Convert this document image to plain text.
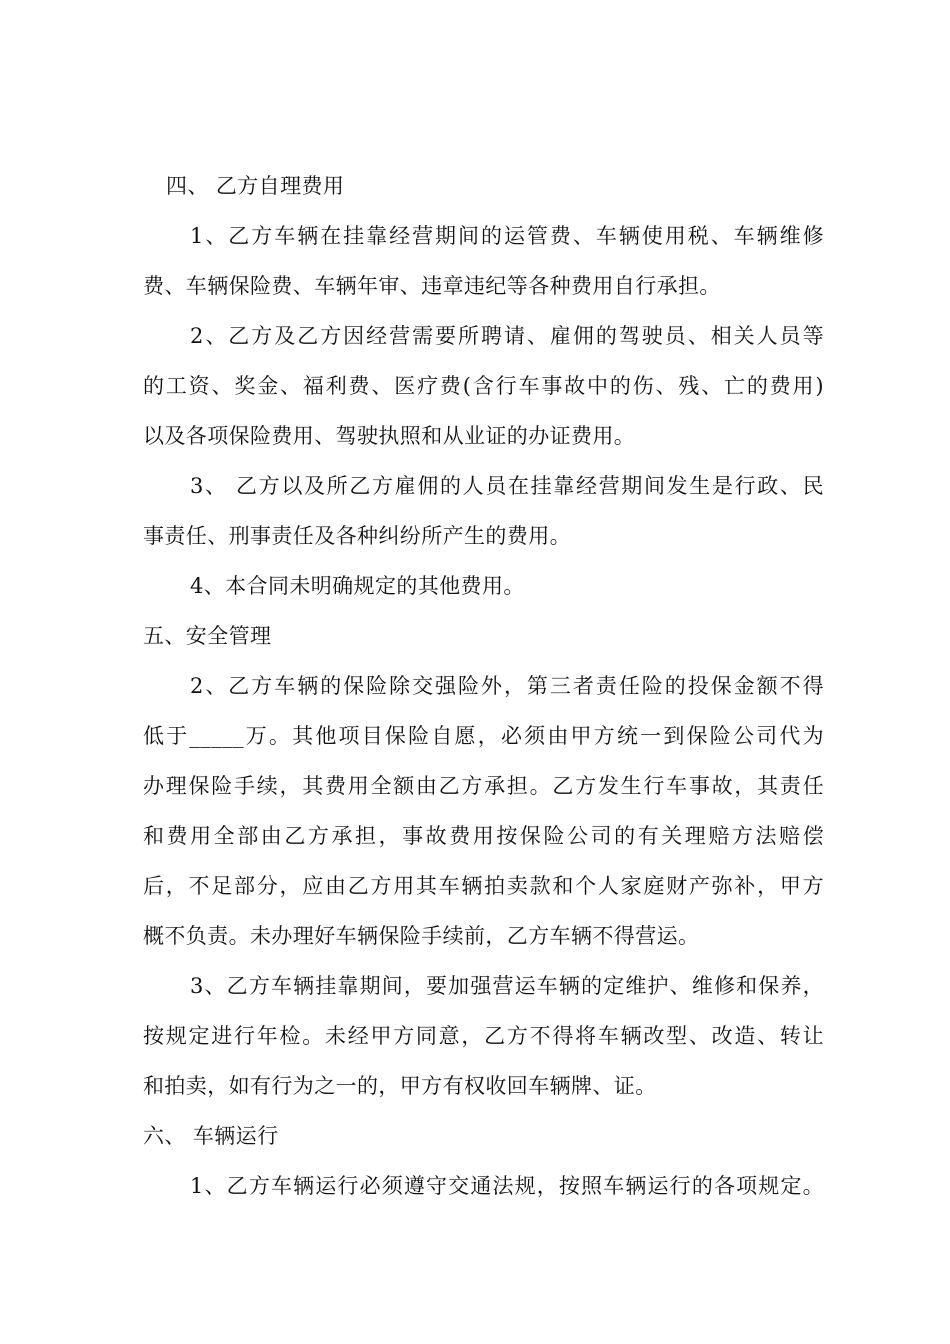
四、 乙方自理费用
1、乙方车辆在挂靠经营期间的运管费、车辆使用税、车辆维修
费、车辆保险费、车辆年审、违章违纪等各种费用自行承担。
2、乙方及乙方因经营需要所聘请、雇佣的驾驶员、相关人员等
的工资、奖金、福利费、医疗费(含行车事故中的伤、残、亡的费用)
以及各项保险费用、驾驶执照和从业证的办证费用。
3、 乙方以及所乙方雇佣的人员在挂靠经营期间发生是行政、民
事责任、刑事责任及各种纠纷所产生的费用。
4、本合同未明确规定的其他费用。
五、安全管理
2、乙方车辆的保险除交强险外，第三者责任险的投保金额不得
低于_____万。其他项目保险自愿，必须由甲方统一到保险公司代为
办理保险手续，其费用全额由乙方承担。乙方发生行车事故，其责任
和费用全部由乙方承担，事故费用按保险公司的有关理赔方法赔偿
后，不足部分，应由乙方用其车辆拍卖款和个人家庭财产弥补，甲方
概不负责。未办理好车辆保险手续前，乙方车辆不得营运。
3、乙方车辆挂靠期间，要加强营运车辆的定维护、维修和保养，
按规定进行年检。未经甲方同意，乙方不得将车辆改型、改造、转让
和拍卖，如有行为之一的，甲方有权收回车辆牌、证。
六、 车辆运行
1、乙方车辆运行必须遵守交通法规，按照车辆运行的各项规定。
